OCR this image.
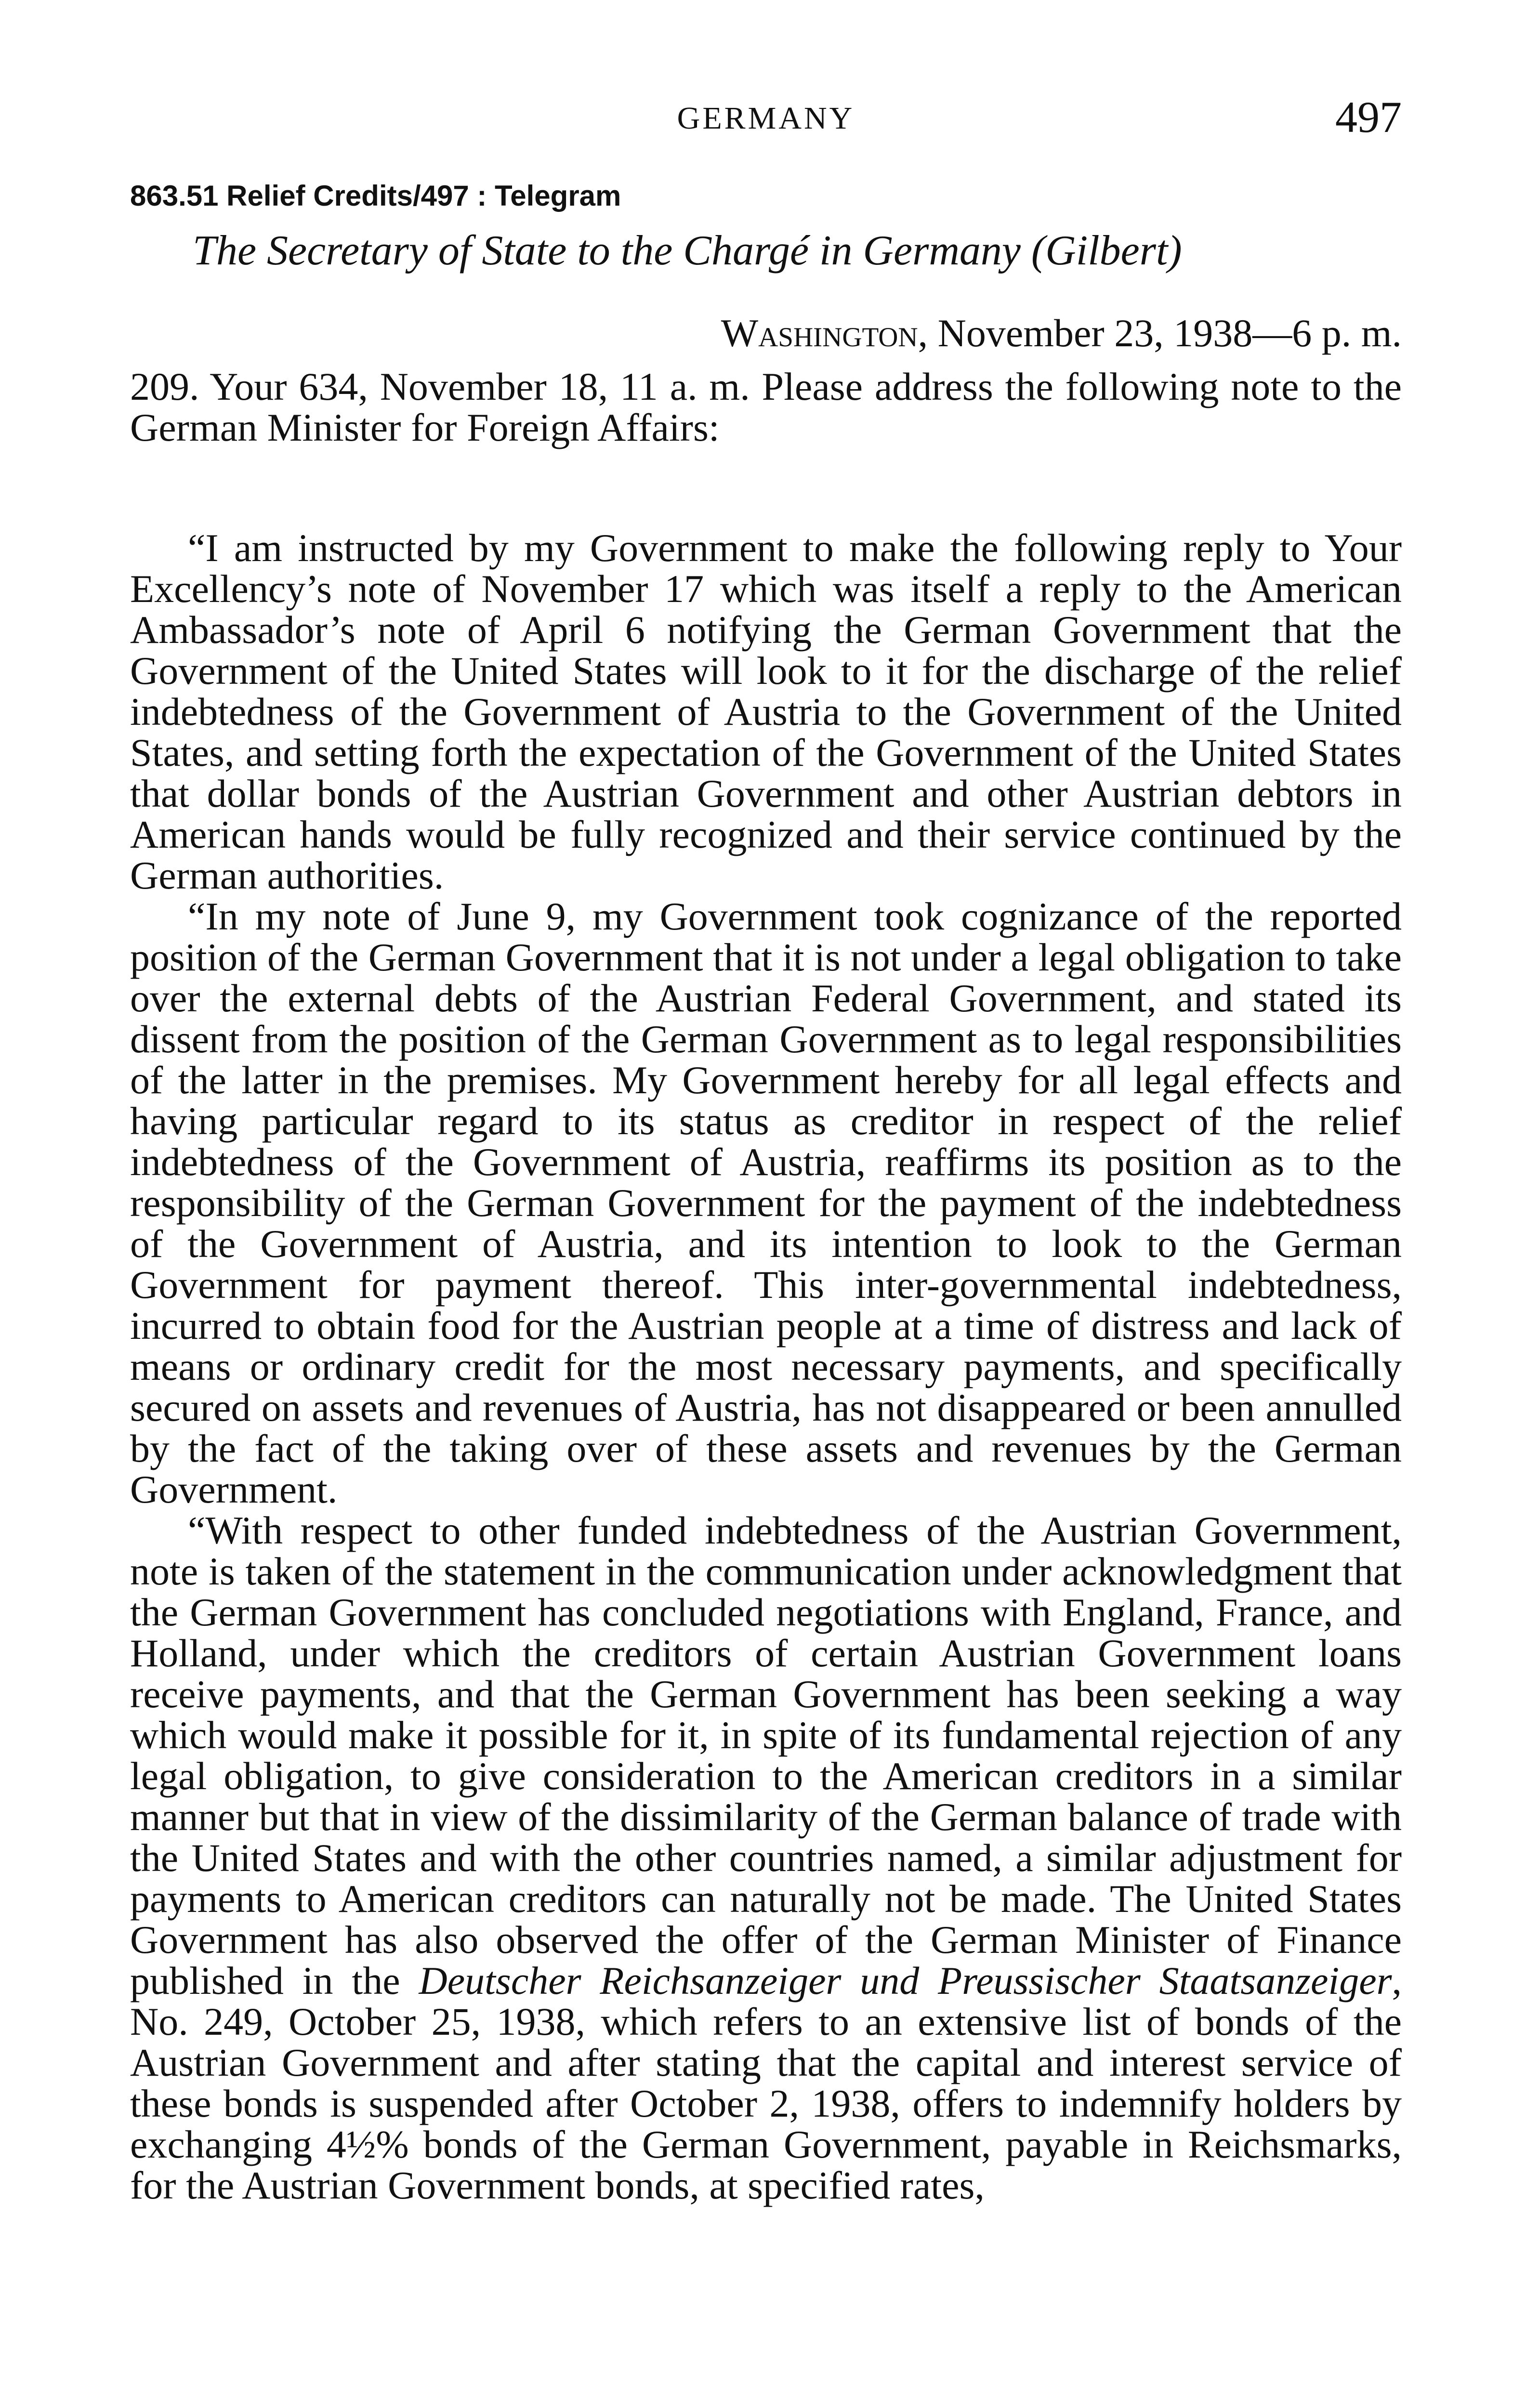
GERMANY	497
863.51 Relief Credits/497 : Telegram
The Secretary of State to the Chargé in Germany (Gilbert)
Washington, November 23, 1938—6 p. m.

209. Your 634, November 18, 11 a. m. Please address the following note to the German Minister for Foreign Affairs:

“I am instructed by my Government to make the following reply to Your Excellency’s note of November 17 which was itself a reply to the American Ambassador’s note of April 6 notifying the German Government that the Government of the United States will look to it for the discharge of the relief indebtedness of the Government of Austria to the Government of the United States, and setting forth the expectation of the Government of the United States that dollar bonds of the Austrian Government and other Austrian debtors in American hands would be fully recognized and their service continued by the German authorities.

“In my note of June 9, my Government took cognizance of the reported position of the German Government that it is not under a legal obligation to take over the external debts of the Austrian Federal Government, and stated its dissent from the position of the German Government as to legal responsibilities of the latter in the premises. My Government hereby for all legal effects and having particular regard to its status as creditor in respect of the relief indebtedness of the Government of Austria, reaffirms its position as to the responsibility of the German Government for the payment of the indebtedness of the Government of Austria, and its intention to look to the German Government for payment thereof. This inter-governmental indebtedness, incurred to obtain food for the Austrian people at a time of distress and lack of means or ordinary credit for the most necessary payments, and specifically secured on assets and revenues of Austria, has not disappeared or been annulled by the fact of the taking over of these assets and revenues by the German Government.

“With respect to other funded indebtedness of the Austrian Government, note is taken of the statement in the communication under acknowledgment that the German Government has concluded negotiations with England, France, and Holland, under which the creditors of certain Austrian Government loans receive payments, and that the German Government has been seeking a way which would make it possible for it, in spite of its fundamental rejection of any legal obligation, to give consideration to the American creditors in a similar manner but that in view of the dissimilarity of the German balance of trade with the United States and with the other countries named, a similar adjustment for payments to American creditors can naturally not be made. The United States Government has also observed the offer of the German Minister of Finance published in the Deutscher Reichsanzeiger und Preussischer Staatsanzeiger, No. 249, October 25, 1938, which refers to an extensive list of bonds of the Austrian Government and after stating that the capital and interest service of these bonds is suspended after October 2, 1938, offers to indemnify holders by exchanging 4½% bonds of the German Government, payable in Reichsmarks, for the Austrian Government bonds, at specified rates,
